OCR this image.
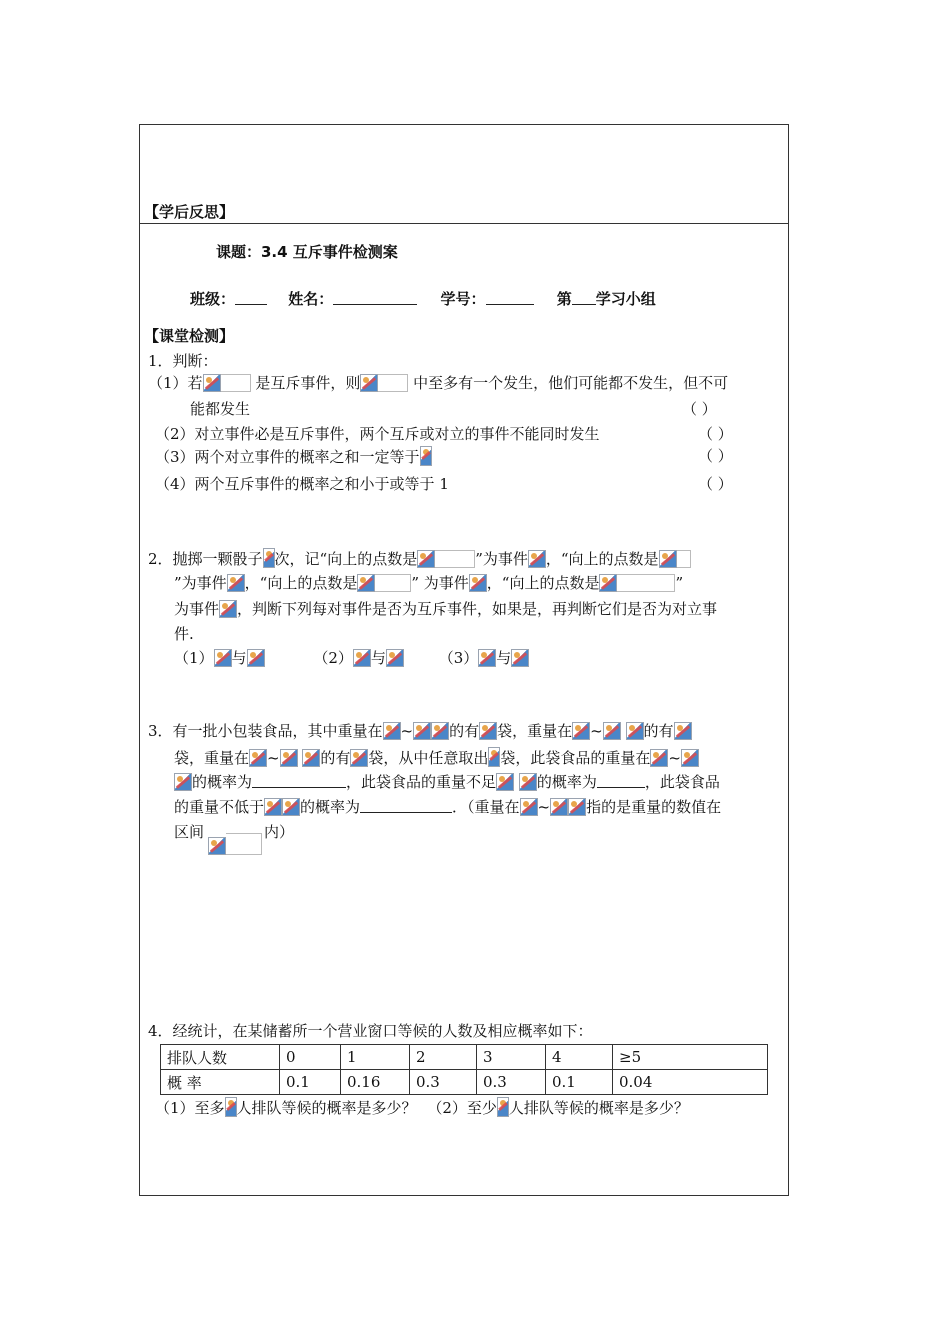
【学后反思】
课题：3.4 互斥事件检测案
班级：	姓名：	学号：	第 学习小组
【课堂检测】
1．判断：
（1）若	是互斥事件，则	中至多有一个发生，他们可能都不发生，但不可
能都发生	（ ）
（2）对立事件必是互斥事件，两个互斥或对立的事件不能同时发生	（ ）
（3）两个对立事件的概率之和一定等于	（ ）
（4）两个互斥事件的概率之和小于或等于 1	（ ）
2．抛掷一颗骰子 次，记“向上的点数是	”为事件 ，“向上的点数是
”为事件 ，“向上的点数是	” 为事件 ，“向上的点数是	”
为事件 ，判断下列每对事件是否为互斥事件，如果是，再判断它们是否为对立事
件.
（1） 与	（2） 与	（3） 与
3．有一批小包装食品，其中重量在 ~ 的有 袋，重量在 ~	的有
袋，重量在 ~	的有 袋，从中任意取出 袋，此袋食品的重量在 ~
的概率为	，此袋食品的重量不足	的概率为	，此袋食品
的重量不低于 的概率为	．（重量在 ~ 指的是重量的数值在
区间	内）
4．经统计，在某储蓄所一个营业窗口等候的人数及相应概率如下：
排队人数	0	1	2	3	4	≥5
概 率	0.1	0.16	0.3	0.3	0.1	0.04
（1）至多 人排队等候的概率是多少？ （2）至少 人排队等候的概率是多少？
